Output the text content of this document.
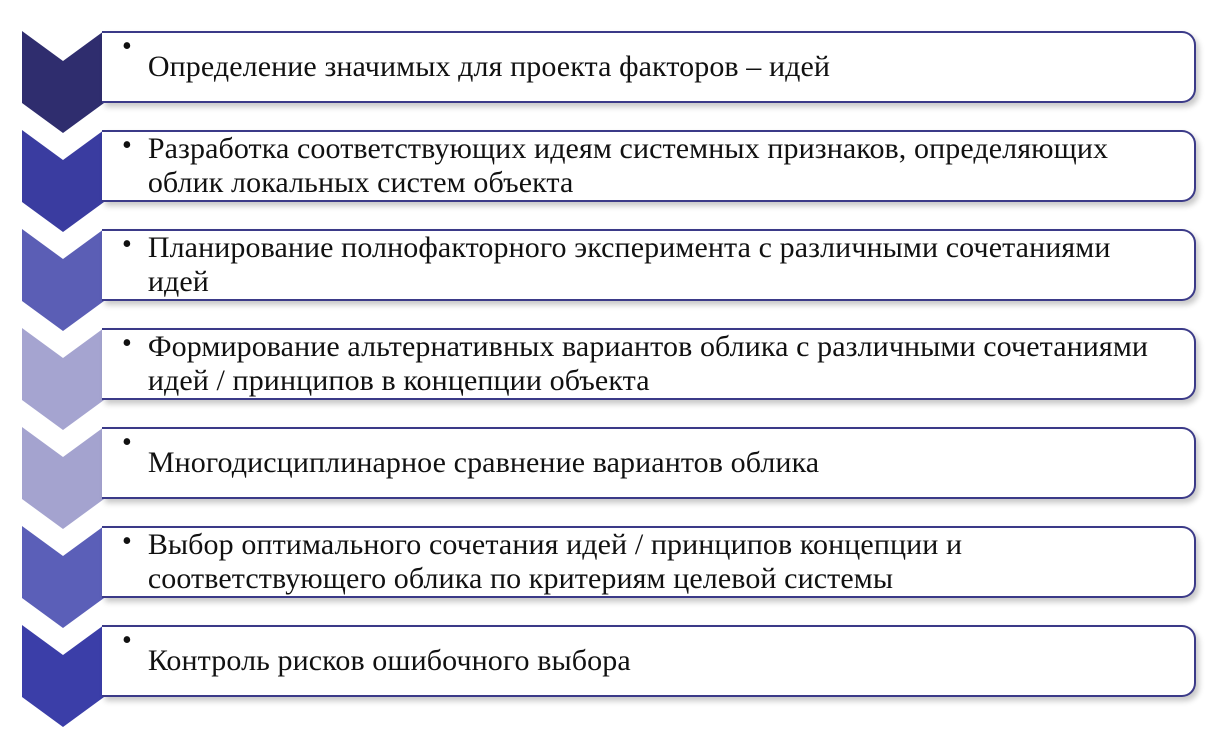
•
Определение значимых для проекта факторов – идей
• Разработка соответствующих идеям системных признаков, определяющих облик локальных систем объекта
• Планирование полнофакторного эксперимента с различными сочетаниями идей
• Формирование альтернативных вариантов облика с различными сочетаниями идей / принципов в концепции объекта
•
Многодисциплинарное сравнение вариантов облика
• Выбор оптимального сочетания идей / принципов концепции и соответствующего облика по критериям целевой системы
•
Контроль рисков ошибочного выбора
